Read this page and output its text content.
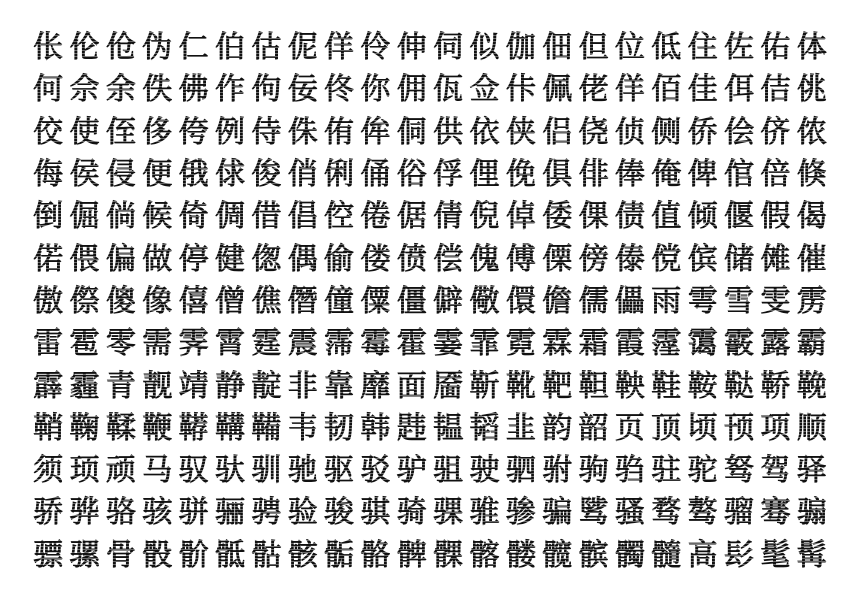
伥 伦 伧 伪 仁 伯 估 伲 佯 伶 伸 伺 似 伽 佃 但 位 低 住 佐 佑 体
何 佘 余 佚 佛 作 佝 佞 佟 你 佣 佤 佥 佧 佩 佬 佯 佰 佳 佴 佶 佻
佼 使 侄 侈 侉 例 侍 侏 侑 侔 侗 供 依 侠 侣 侥 侦 侧 侨 侩 侪 侬
侮 侯 侵 便 俄 俅 俊 俏 俐 俑 俗 俘 俚 俛 俱 俳 俸 俺 俾 倌 倍 倏
倒 倔 倘 候 倚 倜 借 倡 倥 倦 倨 倩 倪 倬 倭 倮 债 值 倾 偃 假 偈
偌 偎 偏 做 停 健 偬 偶 偷 偻 偾 偿 傀 傅 傈 傍 傣 傥 傧 储 傩 催
傲 傺 傻 像 僖 僧 僬 僭 僮 僳 僵 僻 儆 儇 儋 儒 儡 雨 雩 雪 雯 雳
雷 雹 零 需 霁 霄 霆 震 霈 霉 霍 霎 霏 霓 霖 霜 霞 霪 霭 霰 露 霸
霹 霾 青 靓 靖 静 靛 非 靠 靡 面 靥 靳 靴 靶 靼 鞅 鞋 鞍 鞑 鞒 鞔
鞘 鞠 鞣 鞭 鞯 鞲 鞴 韦 韧 韩 韪 韫 韬 韭 韵 韶 页 顶 顷 顸 项 顺
须 顼 顽 马 驭 驮 驯 驰 驱 驳 驴 驵 驶 驷 驸 驹 驺 驻 驼 驽 驾 驿
骄 骅 骆 骇 骈 骊 骋 验 骏 骐 骑 骒 骓 骖 骗 骘 骚 骛 骜 骝 骞 骟
骠 骡 骨 骰 骱 骶 骷 骸 骺 骼 髀 髁 髂 髅 髋 髌 髑 髓 高 髟 髦 髯
